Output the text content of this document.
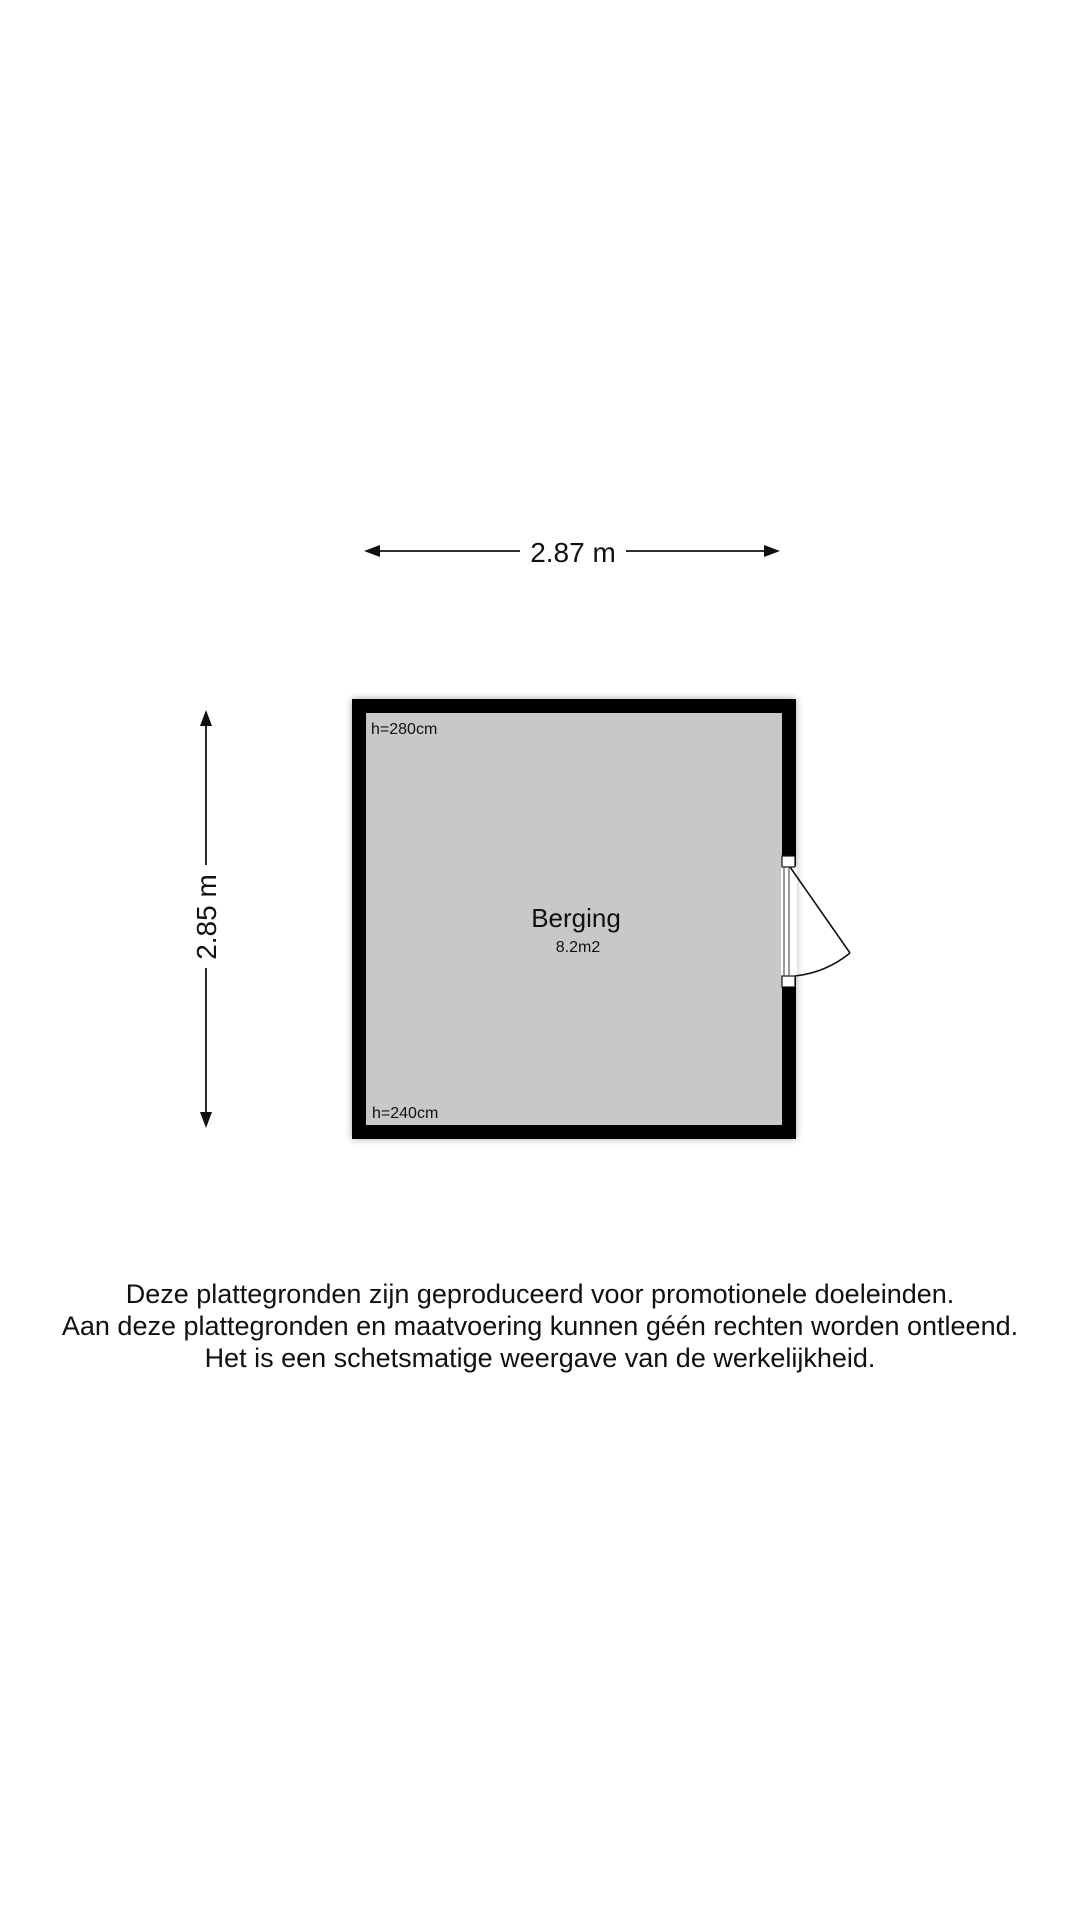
2.87 m
2.85 m
h=280cm
h=240cm
Berging
8.2m2
Deze plattegronden zijn geproduceerd voor promotionele doeleinden.
Aan deze plattegronden en maatvoering kunnen géén rechten worden ontleend.
Het is een schetsmatige weergave van de werkelijkheid.
